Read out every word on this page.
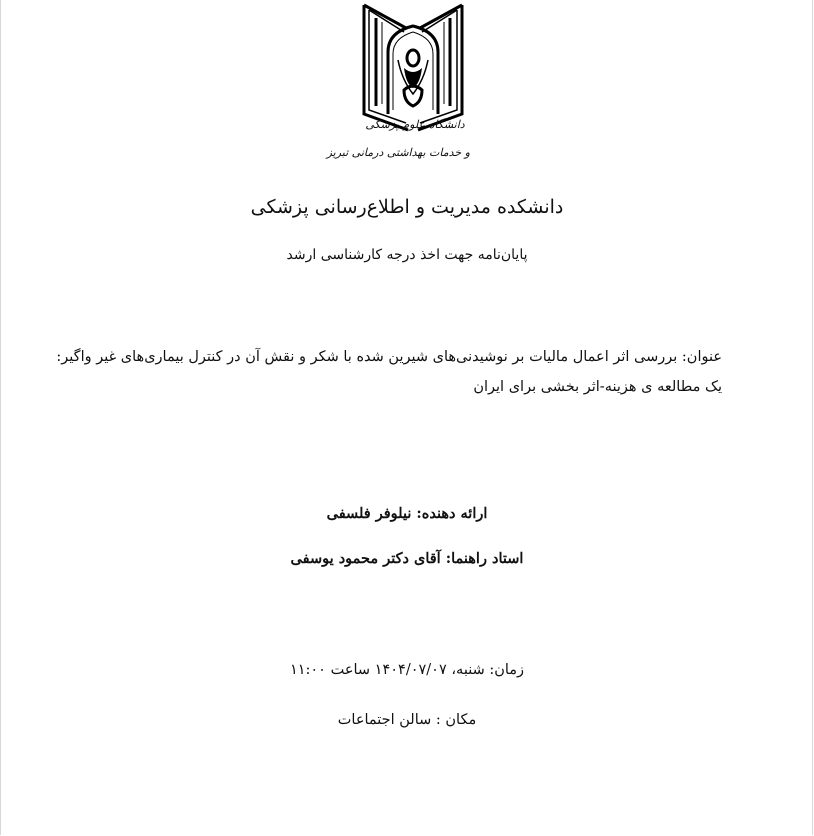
دانشگاه علوم پزشکی
و خدمات بهداشتی درمانی تبریز
دانشکده مدیریت و اطلاع‌رسانی پزشکی
پایان‌نامه جهت اخذ درجه کارشناسی ارشد
عنوان: بررسی اثر اعمال مالیات بر نوشیدنی‌های شیرین شده با شکر و نقش آن در کنترل بیماری‌های غیر واگیر:
یک مطالعه ی هزینه-اثر بخشی برای ایران
ارائه دهنده: نیلوفر فلسفی
استاد راهنما: آقای دکتر محمود یوسفی
زمان: شنبه، ۱۴۰۴/۰۷/۰۷ ساعت ۱۱:۰۰
مکان : سالن اجتماعات
